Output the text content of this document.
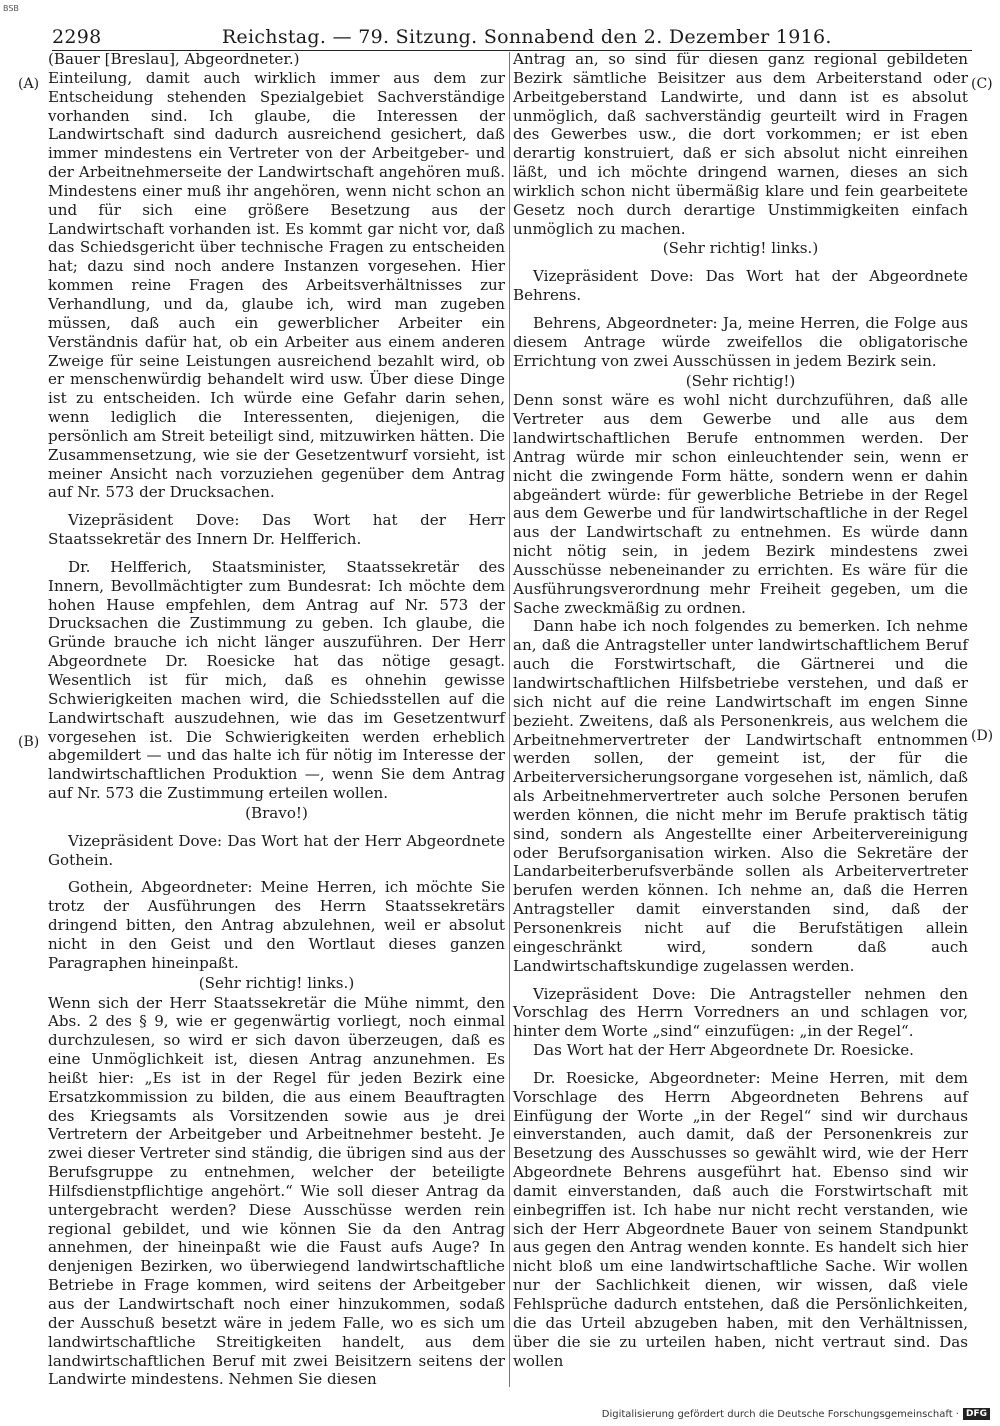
BSB
2298	Reichstag. — 79. Sitzung. Sonnabend den 2. Dezember 1916.
(A)
(B)
(C)
(D)

(Bauer [Breslau], Abgeordneter.)

Einteilung, damit auch wirklich immer aus dem zur Entscheidung stehenden Spezialgebiet Sachverständige vorhanden sind. Ich glaube, die Interessen der Landwirtschaft sind dadurch ausreichend gesichert, daß immer mindestens ein Vertreter von der Arbeitgeber- und der Arbeitnehmerseite der Landwirtschaft angehören muß. Mindestens einer muß ihr angehören, wenn nicht schon an und für sich eine größere Besetzung aus der Landwirtschaft vorhanden ist. Es kommt gar nicht vor, daß das Schiedsgericht über technische Fragen zu entscheiden hat; dazu sind noch andere Instanzen vorgesehen. Hier kommen reine Fragen des Arbeitsverhältnisses zur Verhandlung, und da, glaube ich, wird man zugeben müssen, daß auch ein gewerblicher Arbeiter ein Verständnis dafür hat, ob ein Arbeiter aus einem anderen Zweige für seine Leistungen ausreichend bezahlt wird, ob er menschenwürdig behandelt wird usw. Über diese Dinge ist zu entscheiden. Ich würde eine Gefahr darin sehen, wenn lediglich die Interessenten, diejenigen, die persönlich am Streit beteiligt sind, mitzuwirken hätten. Die Zusammensetzung, wie sie der Gesetzentwurf vorsieht, ist meiner Ansicht nach vorzuziehen gegenüber dem Antrag auf Nr. 573 der Drucksachen.

Vizepräsident Dove: Das Wort hat der Herr Staatssekretär des Innern Dr. Helfferich.

Dr. Helfferich, Staatsminister, Staatssekretär des Innern, Bevollmächtigter zum Bundesrat: Ich möchte dem hohen Hause empfehlen, dem Antrag auf Nr. 573 der Drucksachen die Zustimmung zu geben. Ich glaube, die Gründe brauche ich nicht länger auszuführen. Der Herr Abgeordnete Dr. Roesicke hat das nötige gesagt. Wesentlich ist für mich, daß es ohnehin gewisse Schwierigkeiten machen wird, die Schiedsstellen auf die Landwirtschaft auszudehnen, wie das im Gesetzentwurf vorgesehen ist. Die Schwierigkeiten werden erheblich abgemildert — und das halte ich für nötig im Interesse der landwirtschaftlichen Produktion —, wenn Sie dem Antrag auf Nr. 573 die Zustimmung erteilen wollen.

(Bravo!)

Vizepräsident Dove: Das Wort hat der Herr Abgeordnete Gothein.

Gothein, Abgeordneter: Meine Herren, ich möchte Sie trotz der Ausführungen des Herrn Staatssekretärs dringend bitten, den Antrag abzulehnen, weil er absolut nicht in den Geist und den Wortlaut dieses ganzen Paragraphen hineinpaßt.

(Sehr richtig! links.)

Wenn sich der Herr Staatssekretär die Mühe nimmt, den Abs. 2 des § 9, wie er gegenwärtig vorliegt, noch einmal durchzulesen, so wird er sich davon überzeugen, daß es eine Unmöglichkeit ist, diesen Antrag anzunehmen. Es heißt hier: „Es ist in der Regel für jeden Bezirk eine Ersatzkommission zu bilden, die aus einem Beauftragten des Kriegsamts als Vorsitzenden sowie aus je drei Vertretern der Arbeitgeber und Arbeitnehmer besteht. Je zwei dieser Vertreter sind ständig, die übrigen sind aus der Berufsgruppe zu entnehmen, welcher der beteiligte Hilfsdienstpflichtige angehört.“ Wie soll dieser Antrag da untergebracht werden? Diese Ausschüsse werden rein regional gebildet, und wie können Sie da den Antrag annehmen, der hineinpaßt wie die Faust aufs Auge? In denjenigen Bezirken, wo überwiegend landwirtschaftliche Betriebe in Frage kommen, wird seitens der Arbeitgeber aus der Landwirtschaft noch einer hinzukommen, sodaß der Ausschuß besetzt wäre in jedem Falle, wo es sich um landwirtschaftliche Streitigkeiten handelt, aus dem landwirtschaftlichen Beruf mit zwei Beisitzern seitens der Landwirte mindestens. Nehmen Sie diesen

Antrag an, so sind für diesen ganz regional gebildeten Bezirk sämtliche Beisitzer aus dem Arbeiterstand oder Arbeitgeberstand Landwirte, und dann ist es absolut unmöglich, daß sachverständig geurteilt wird in Fragen des Gewerbes usw., die dort vorkommen; er ist eben derartig konstruiert, daß er sich absolut nicht einreihen läßt, und ich möchte dringend warnen, dieses an sich wirklich schon nicht übermäßig klare und fein gearbeitete Gesetz noch durch derartige Unstimmigkeiten einfach unmöglich zu machen.

(Sehr richtig! links.)

Vizepräsident Dove: Das Wort hat der Abgeordnete Behrens.

Behrens, Abgeordneter: Ja, meine Herren, die Folge aus diesem Antrage würde zweifellos die obligatorische Errichtung von zwei Ausschüssen in jedem Bezirk sein.

(Sehr richtig!)

Denn sonst wäre es wohl nicht durchzuführen, daß alle Vertreter aus dem Gewerbe und alle aus dem landwirtschaftlichen Berufe entnommen werden. Der Antrag würde mir schon einleuchtender sein, wenn er nicht die zwingende Form hätte, sondern wenn er dahin abgeändert würde: für gewerbliche Betriebe in der Regel aus dem Gewerbe und für landwirtschaftliche in der Regel aus der Landwirtschaft zu entnehmen. Es würde dann nicht nötig sein, in jedem Bezirk mindestens zwei Ausschüsse nebeneinander zu errichten. Es wäre für die Ausführungsverordnung mehr Freiheit gegeben, um die Sache zweckmäßig zu ordnen.

Dann habe ich noch folgendes zu bemerken. Ich nehme an, daß die Antragsteller unter landwirtschaftlichem Beruf auch die Forstwirtschaft, die Gärtnerei und die landwirtschaftlichen Hilfsbetriebe verstehen, und daß er sich nicht auf die reine Landwirtschaft im engen Sinne bezieht. Zweitens, daß als Personenkreis, aus welchem die Arbeitnehmervertreter der Landwirtschaft entnommen werden sollen, der gemeint ist, der für die Arbeiterversicherungsorgane vorgesehen ist, nämlich, daß als Arbeitnehmervertreter auch solche Personen berufen werden können, die nicht mehr im Berufe praktisch tätig sind, sondern als Angestellte einer Arbeitervereinigung oder Berufsorganisation wirken. Also die Sekretäre der Landarbeiterberufsverbände sollen als Arbeitervertreter berufen werden können. Ich nehme an, daß die Herren Antragsteller damit einverstanden sind, daß der Personenkreis nicht auf die Berufstätigen allein eingeschränkt wird, sondern daß auch Landwirtschaftskundige zugelassen werden.

Vizepräsident Dove: Die Antragsteller nehmen den Vorschlag des Herrn Vorredners an und schlagen vor, hinter dem Worte „sind“ einzufügen: „in der Regel“.

Das Wort hat der Herr Abgeordnete Dr. Roesicke.

Dr. Roesicke, Abgeordneter: Meine Herren, mit dem Vorschlage des Herrn Abgeordneten Behrens auf Einfügung der Worte „in der Regel“ sind wir durchaus einverstanden, auch damit, daß der Personenkreis zur Besetzung des Ausschusses so gewählt wird, wie der Herr Abgeordnete Behrens ausgeführt hat. Ebenso sind wir damit einverstanden, daß auch die Forstwirtschaft mit einbegriffen ist. Ich habe nur nicht recht verstanden, wie sich der Herr Abgeordnete Bauer von seinem Standpunkt aus gegen den Antrag wenden konnte. Es handelt sich hier nicht bloß um eine landwirtschaftliche Sache. Wir wollen nur der Sachlichkeit dienen, wir wissen, daß viele Fehlsprüche dadurch entstehen, daß die Persönlichkeiten, die das Urteil abzugeben haben, mit den Verhältnissen, über die sie zu urteilen haben, nicht vertraut sind. Das wollen

Digitalisierung gefördert durch die Deutsche Forschungsgemeinschaft · DFG
